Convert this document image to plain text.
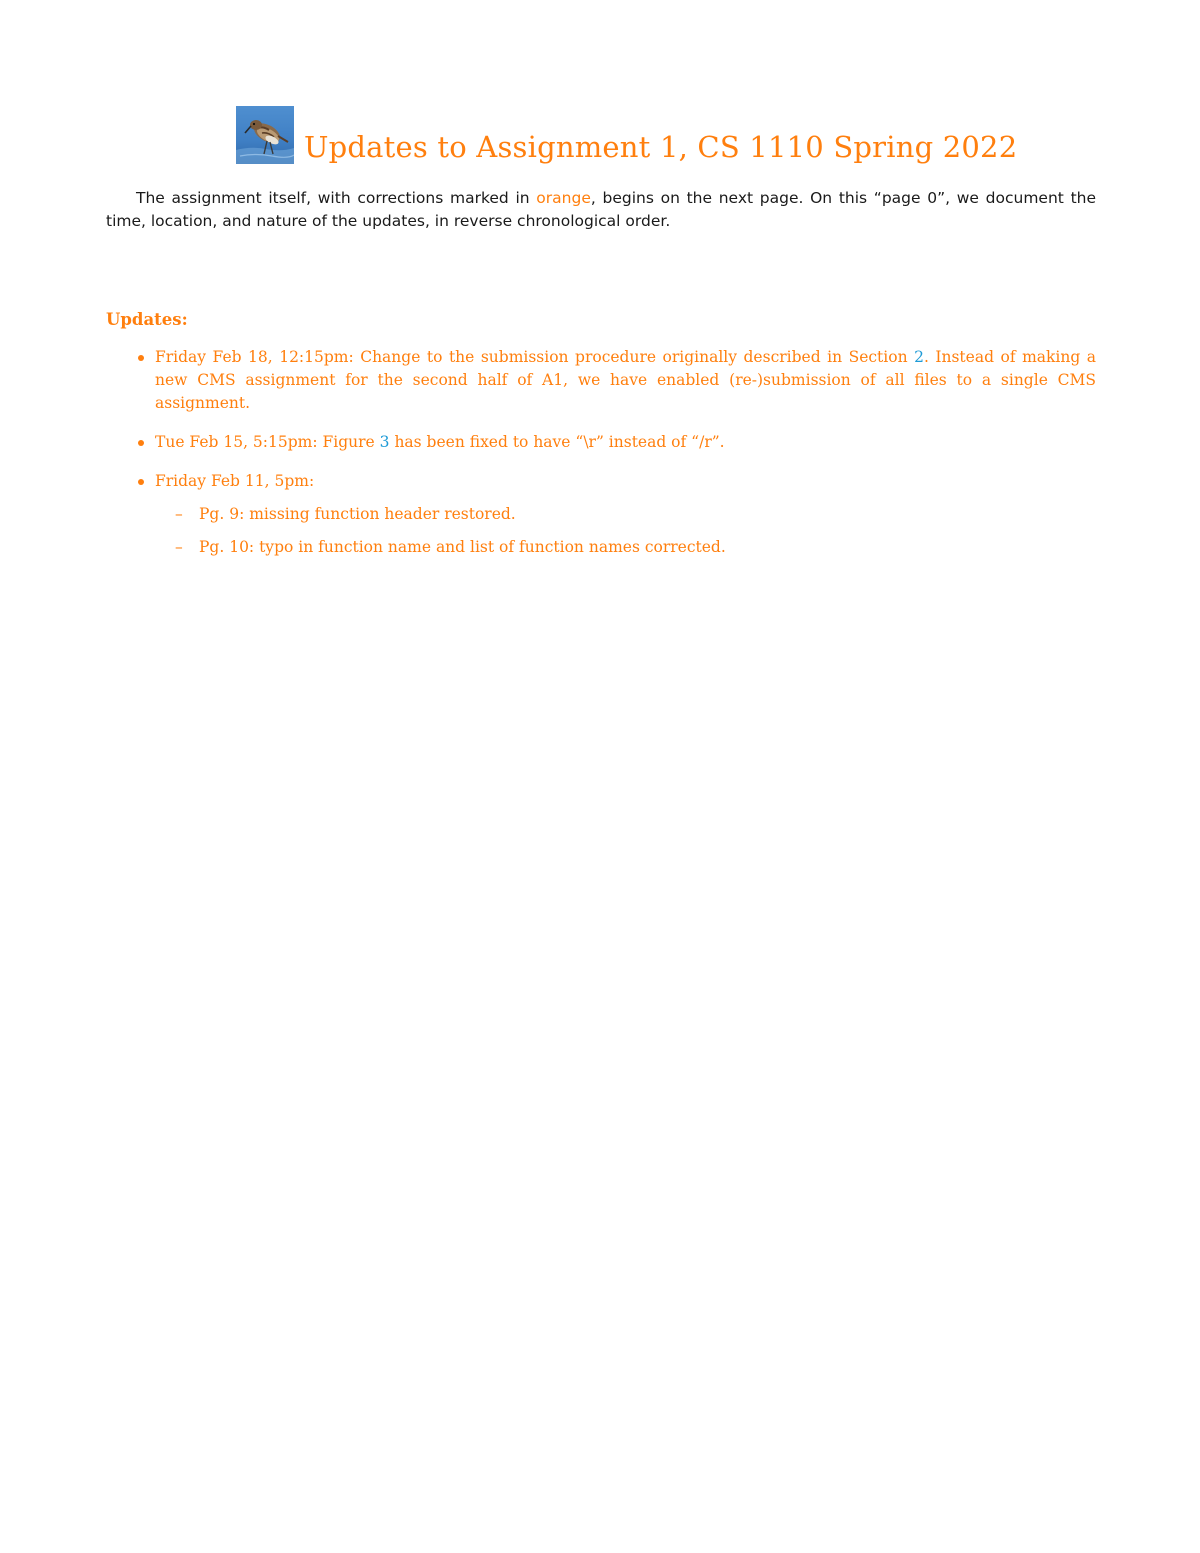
Updates to Assignment 1, CS 1110 Spring 2022

The assignment itself, with corrections marked in orange, begins on the next page. On this “page 0”, we document the time, location, and nature of the updates, in reverse chronological order.

Updates:
Friday Feb 18, 12:15pm: Change to the submission procedure originally described in Section 2. Instead of making a new CMS assignment for the second half of A1, we have enabled (re-)submission of all files to a single CMS assignment.
Tue Feb 15, 5:15pm: Figure 3 has been fixed to have “\r” instead of “/r”.
Friday Feb 11, 5pm:
– Pg. 9: missing function header restored.
– Pg. 10: typo in function name and list of function names corrected.
